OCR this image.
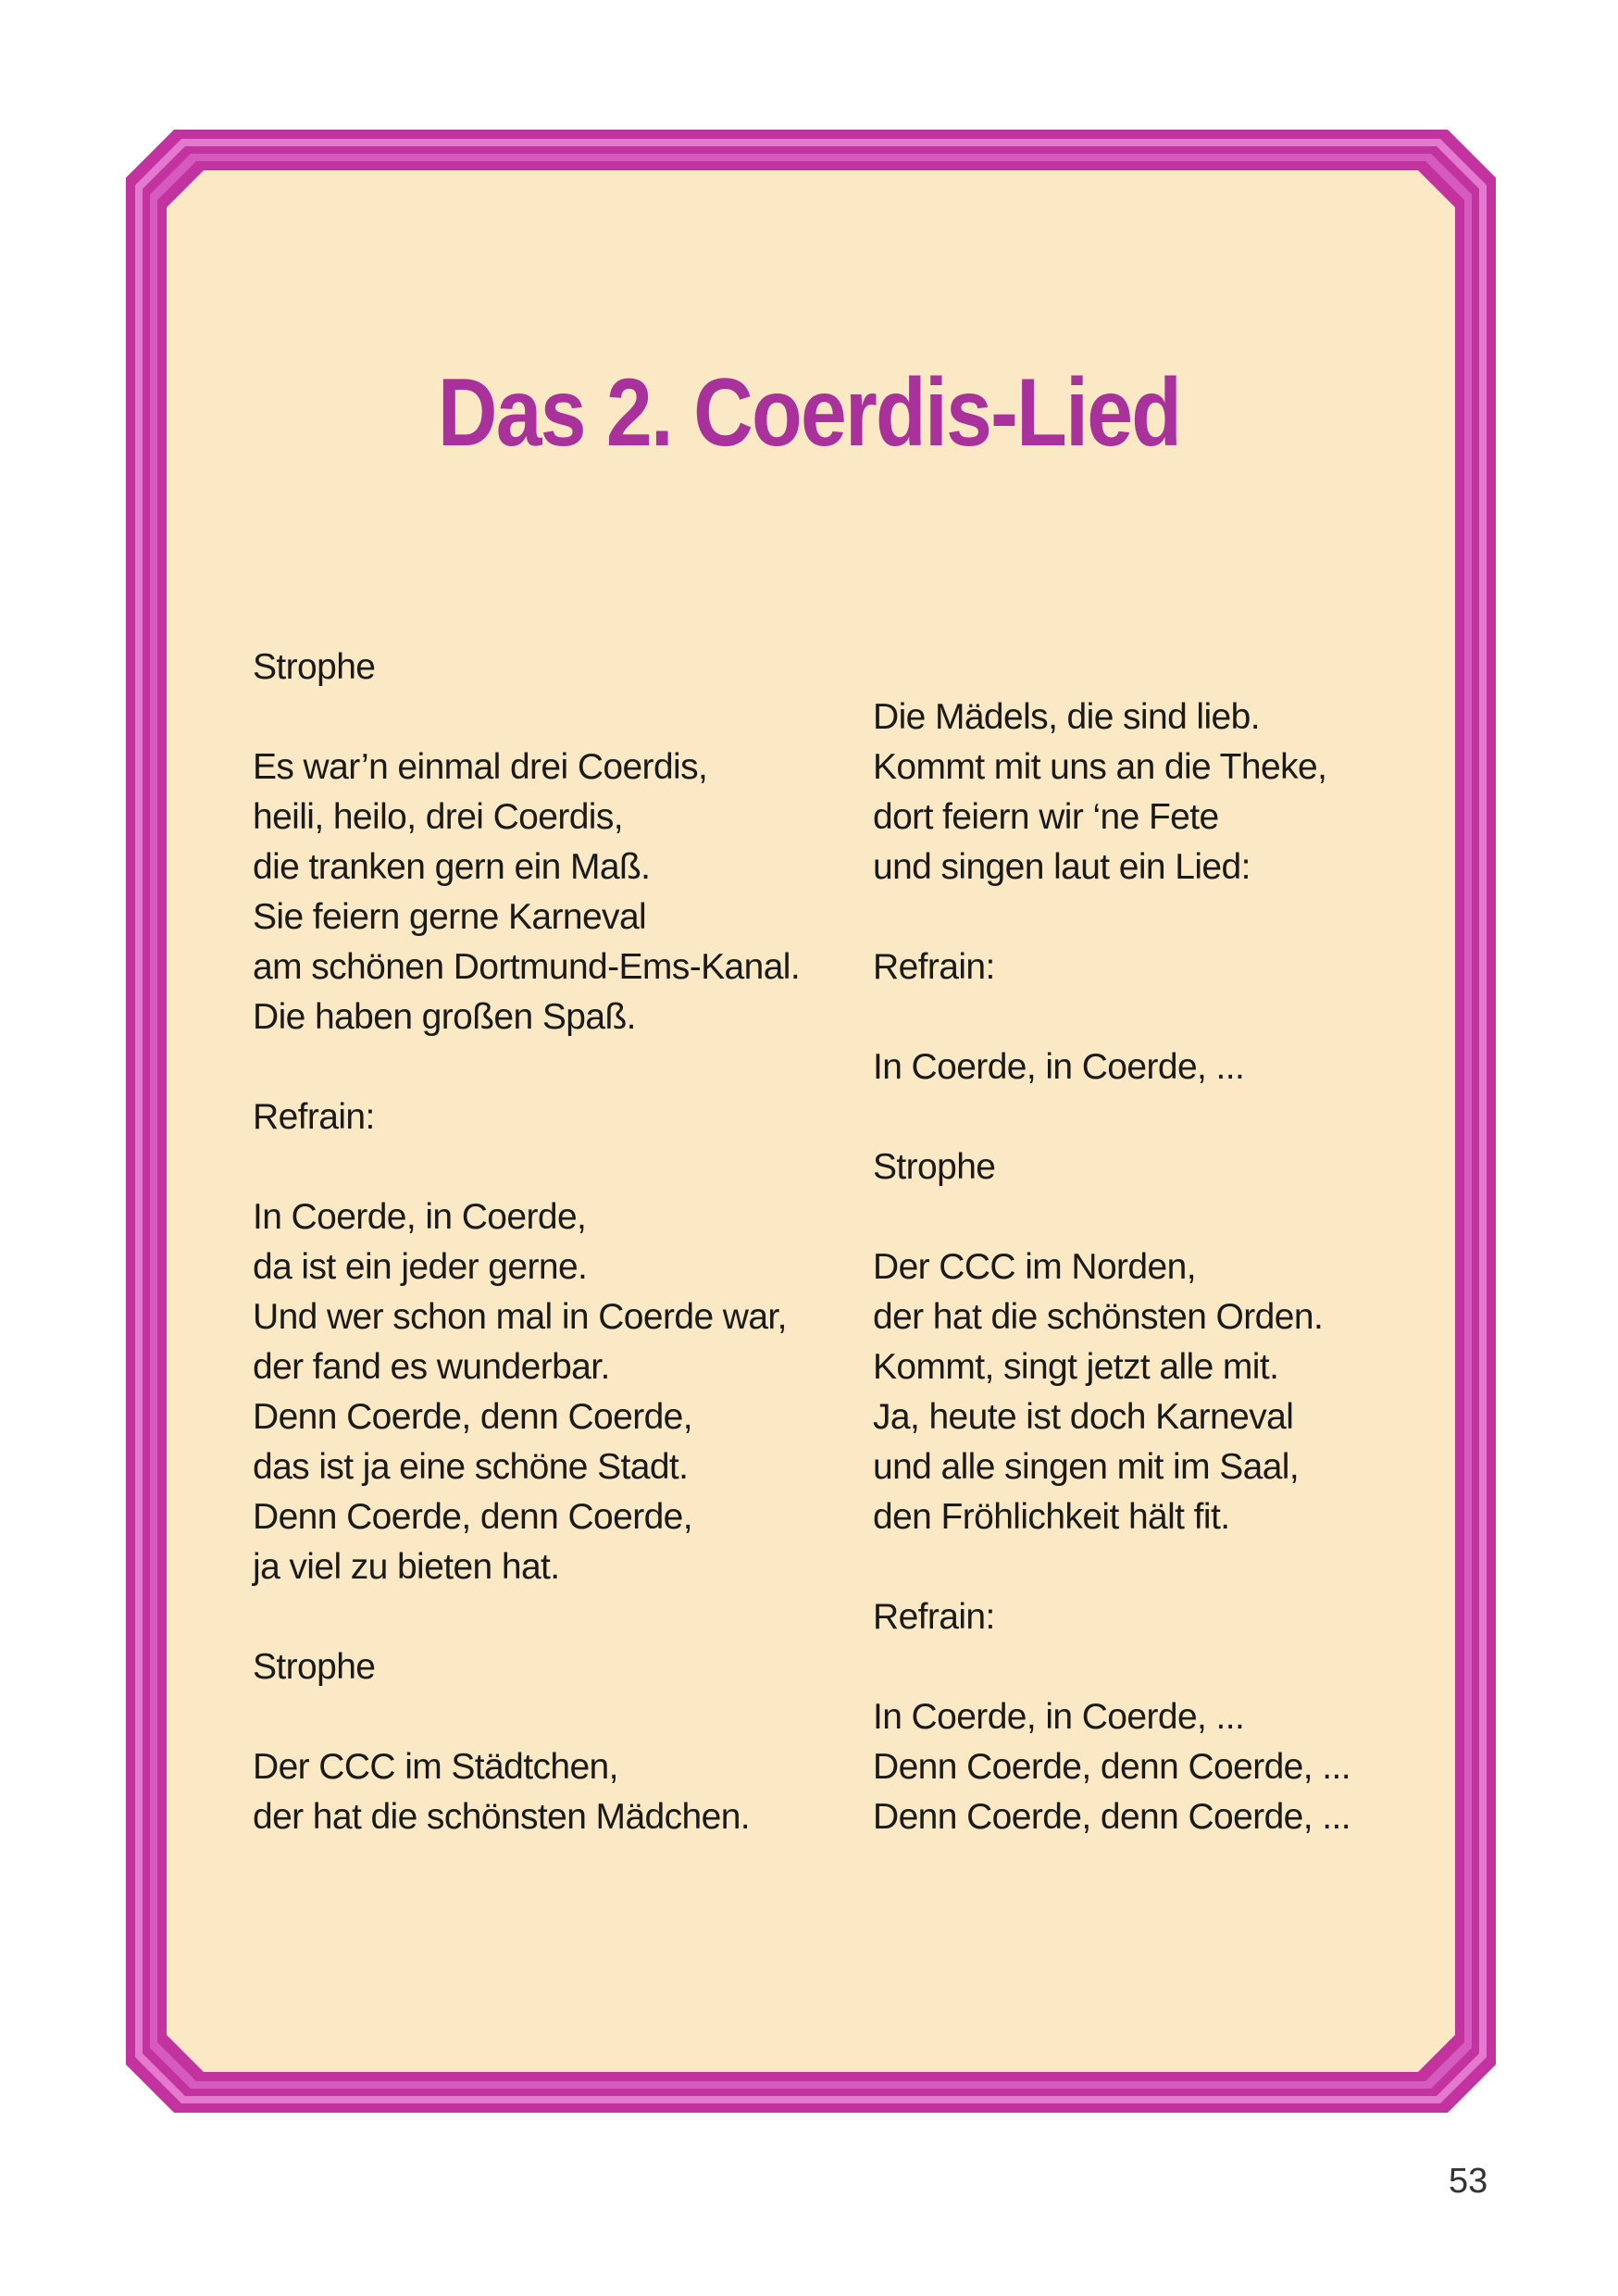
Das 2. Coerdis-Lied
Strophe
Es war’n einmal drei Coerdis,
heili, heilo, drei Coerdis,
die tranken gern ein Maß.
Sie feiern gerne Karneval
am schönen Dortmund-Ems-Kanal.
Die haben großen Spaß.
Refrain:
In Coerde, in Coerde,
da ist ein jeder gerne.
Und wer schon mal in Coerde war,
der fand es wunderbar.
Denn Coerde, denn Coerde,
das ist ja eine schöne Stadt.
Denn Coerde, denn Coerde,
ja viel zu bieten hat.
Strophe
Der CCC im Städtchen,
der hat die schönsten Mädchen.
Die Mädels, die sind lieb.
Kommt mit uns an die Theke,
dort feiern wir ‘ne Fete
und singen laut ein Lied:
Refrain:
In Coerde, in Coerde, ...
Strophe
Der CCC im Norden,
der hat die schönsten Orden.
Kommt, singt jetzt alle mit.
Ja, heute ist doch Karneval
und alle singen mit im Saal,
den Fröhlichkeit hält fit.
Refrain:
In Coerde, in Coerde, ...
Denn Coerde, denn Coerde, ...
Denn Coerde, denn Coerde, ...
53
